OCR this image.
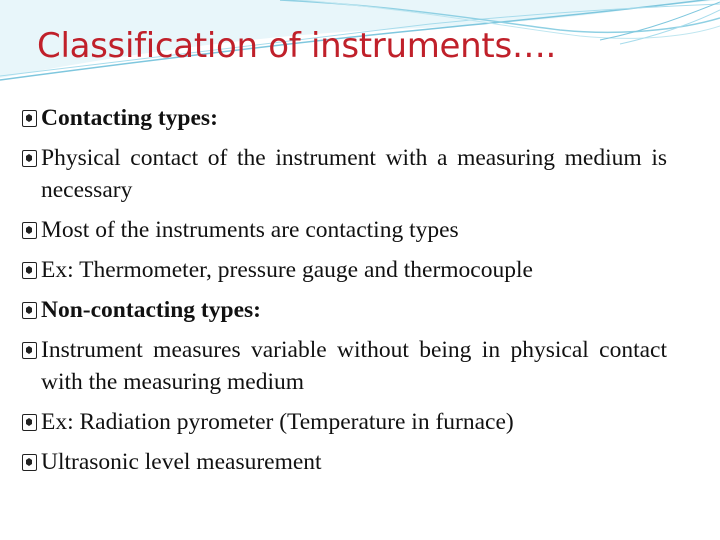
Classification of instruments….
Contacting types:
Physical contact of the instrument with a measuring medium is necessary
Most of the instruments are contacting types
Ex: Thermometer, pressure gauge and thermocouple
Non-contacting types:
Instrument measures variable without being in physical contact with the measuring medium
Ex: Radiation pyrometer (Temperature in furnace)
Ultrasonic level measurement
